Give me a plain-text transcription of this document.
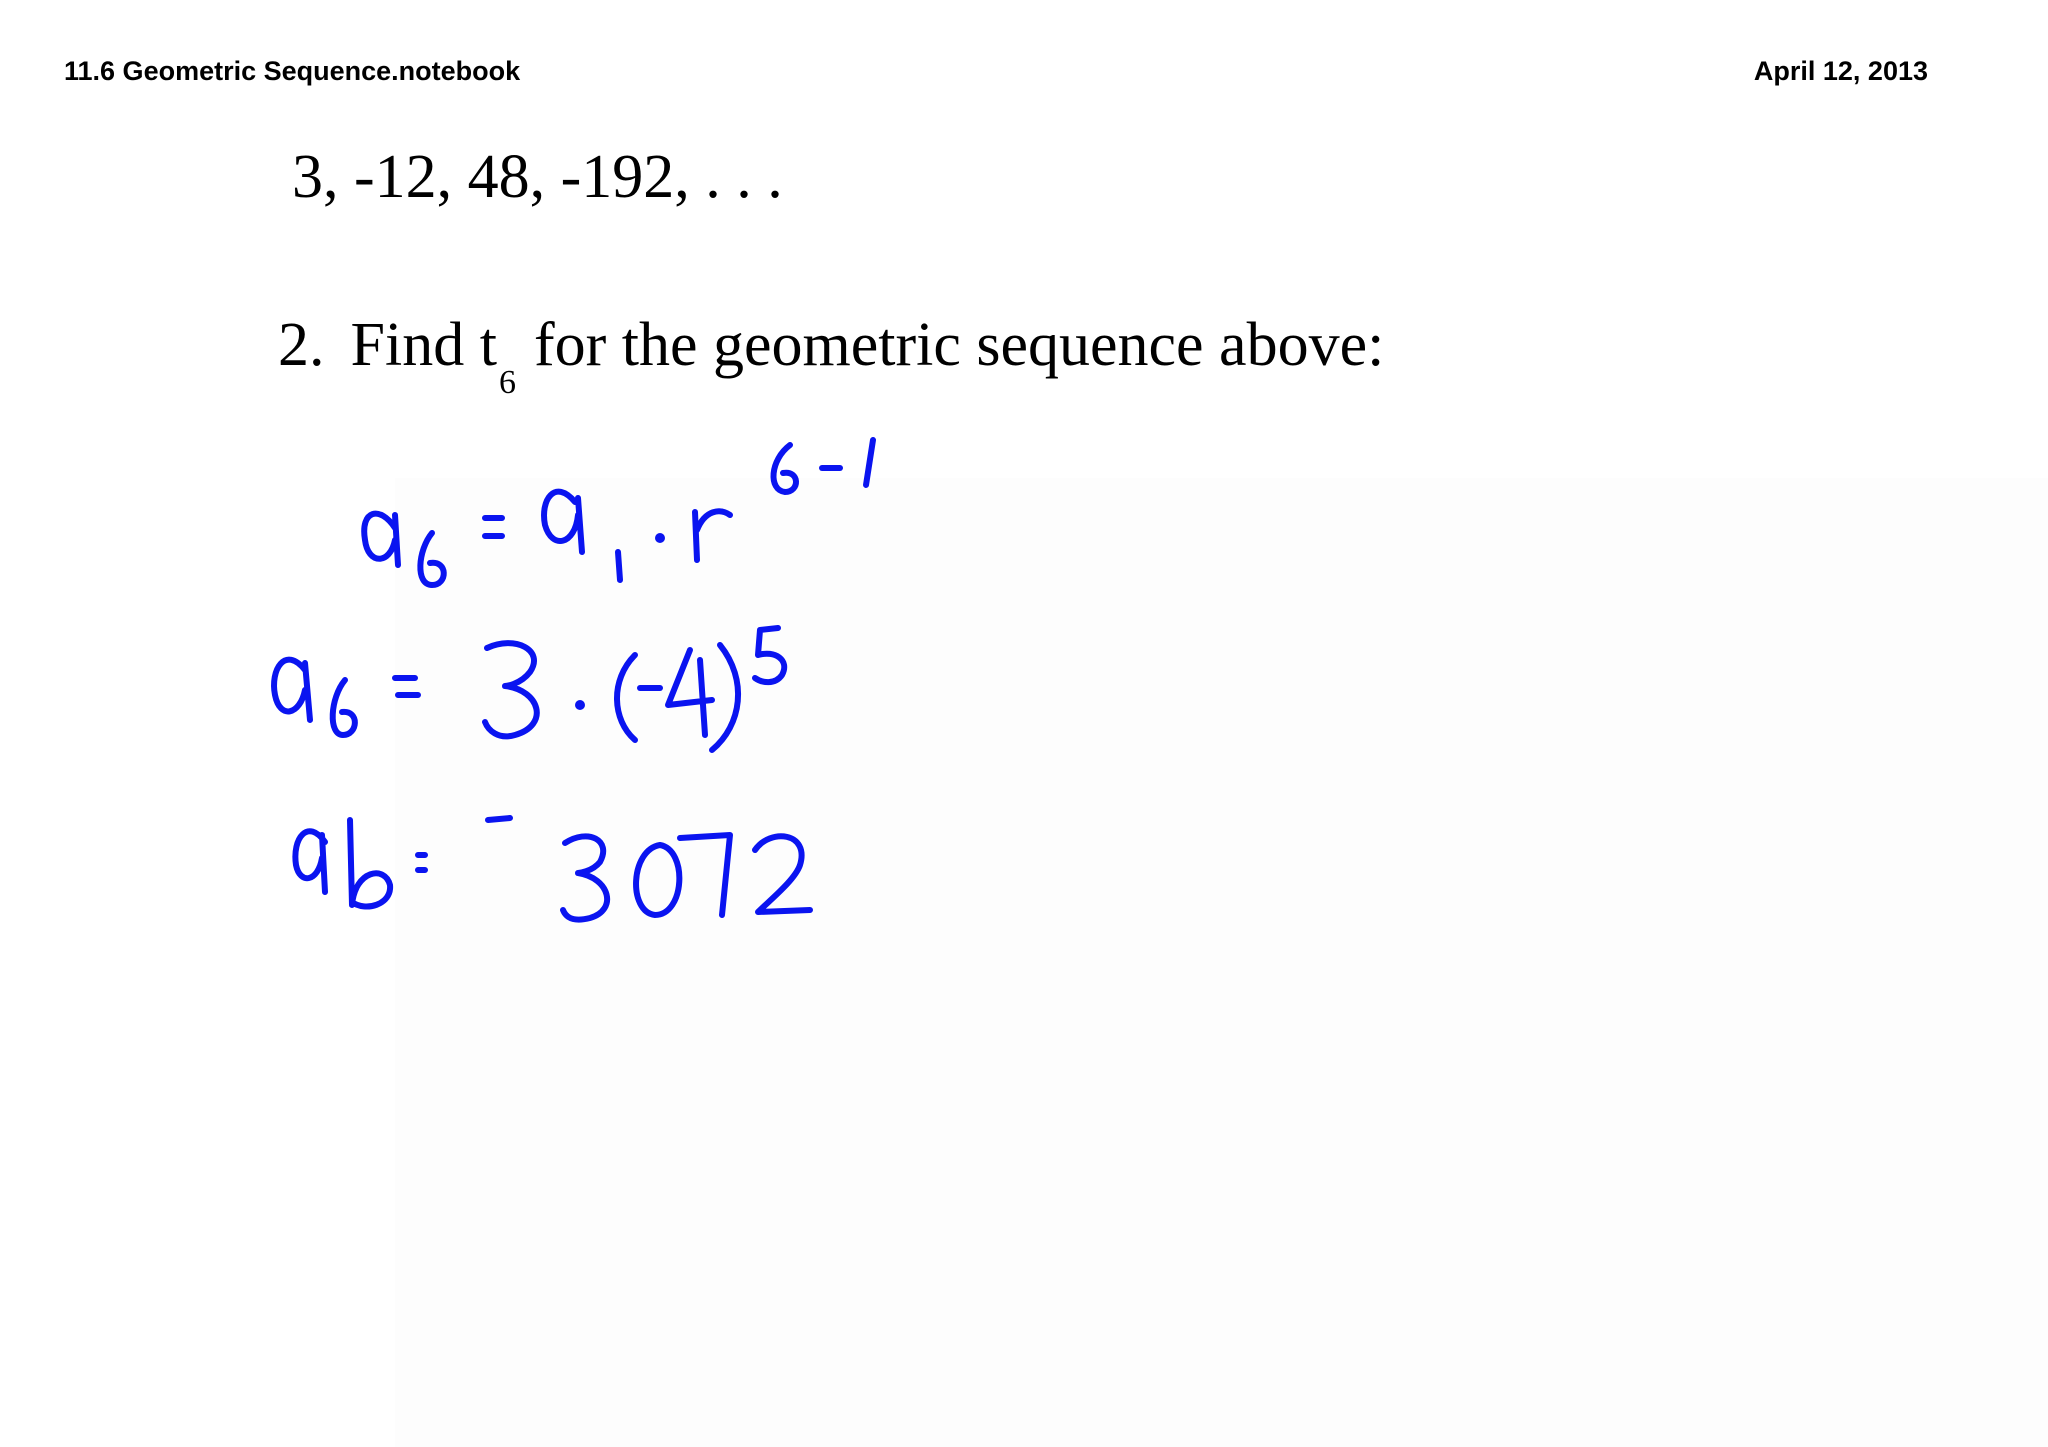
11.6 Geometric Sequence.notebook	April 12, 2013
3, -12, 48, -192, . . .
2. Find $t_6for$ the geometric sequence above:
